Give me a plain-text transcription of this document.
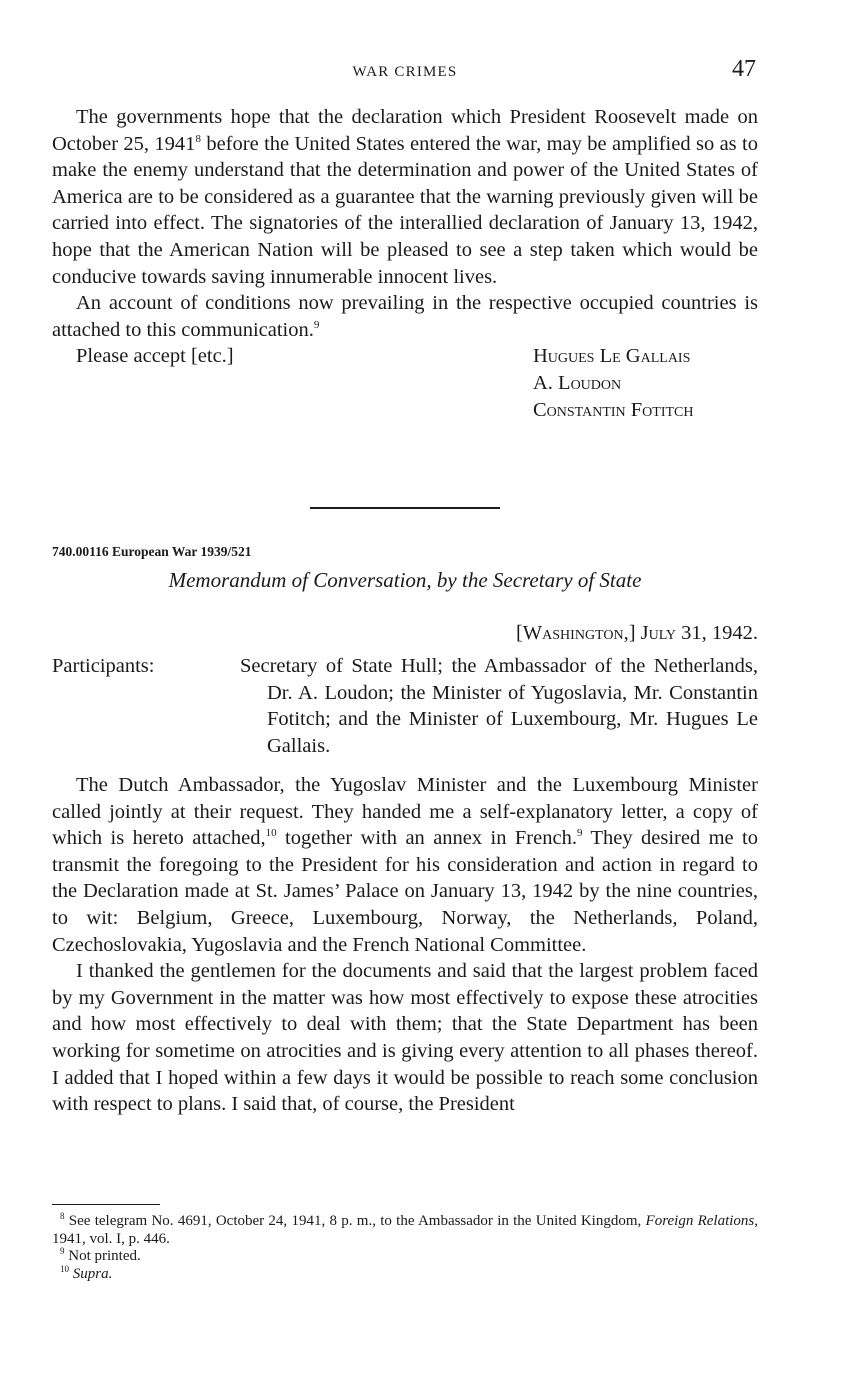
WAR CRIMES	47

The governments hope that the declaration which President Roosevelt made on October 25, 1941$^8$ before the United States entered the war, may be amplified so as to make the enemy understand that the determination and power of the United States of America are to be considered as a guarantee that the warning previously given will be carried into effect. The signatories of the interallied declaration of January 13, 1942, hope that the American Nation will be pleased to see a step taken which would be conducive towards saving innumerable innocent lives.

An account of conditions now prevailing in the respective occupied countries is attached to this communication.$^9$

Please accept [etc.]	Hugues Le Gallais
A. Loudon
Constantin Fotitch
740.00116 European War 1939/521
Memorandum of Conversation, by the Secretary of State
[Washington,] July 31, 1942.
Participants:	Secretary of State Hull; the Ambassador of the Netherlands, Dr. A. Loudon; the Minister of Yugoslavia, Mr. Constantin Fotitch; and the Minister of Luxembourg, Mr. Hugues Le Gallais.

The Dutch Ambassador, the Yugoslav Minister and the Luxembourg Minister called jointly at their request. They handed me a self-explanatory letter, a copy of which is hereto attached,$^{10}$ together with an annex in French.$^9$ They desired me to transmit the foregoing to the President for his consideration and action in regard to the Declaration made at St. James’ Palace on January 13, 1942 by the nine countries, to wit: Belgium, Greece, Luxembourg, Norway, the Netherlands, Poland, Czechoslovakia, Yugoslavia and the French National Committee.

I thanked the gentlemen for the documents and said that the largest problem faced by my Government in the matter was how most effectively to expose these atrocities and how most effectively to deal with them; that the State Department has been working for sometime on atrocities and is giving every attention to all phases thereof. I added that I hoped within a few days it would be possible to reach some conclusion with respect to plans. I said that, of course, the President

$^8$ See telegram No. 4691, October 24, 1941, 8 p. m., to the Ambassador in the United Kingdom, Foreign Relations, 1941, vol. I, p. 446.

$^9$ Not printed.

$^{10}$ Supra.
